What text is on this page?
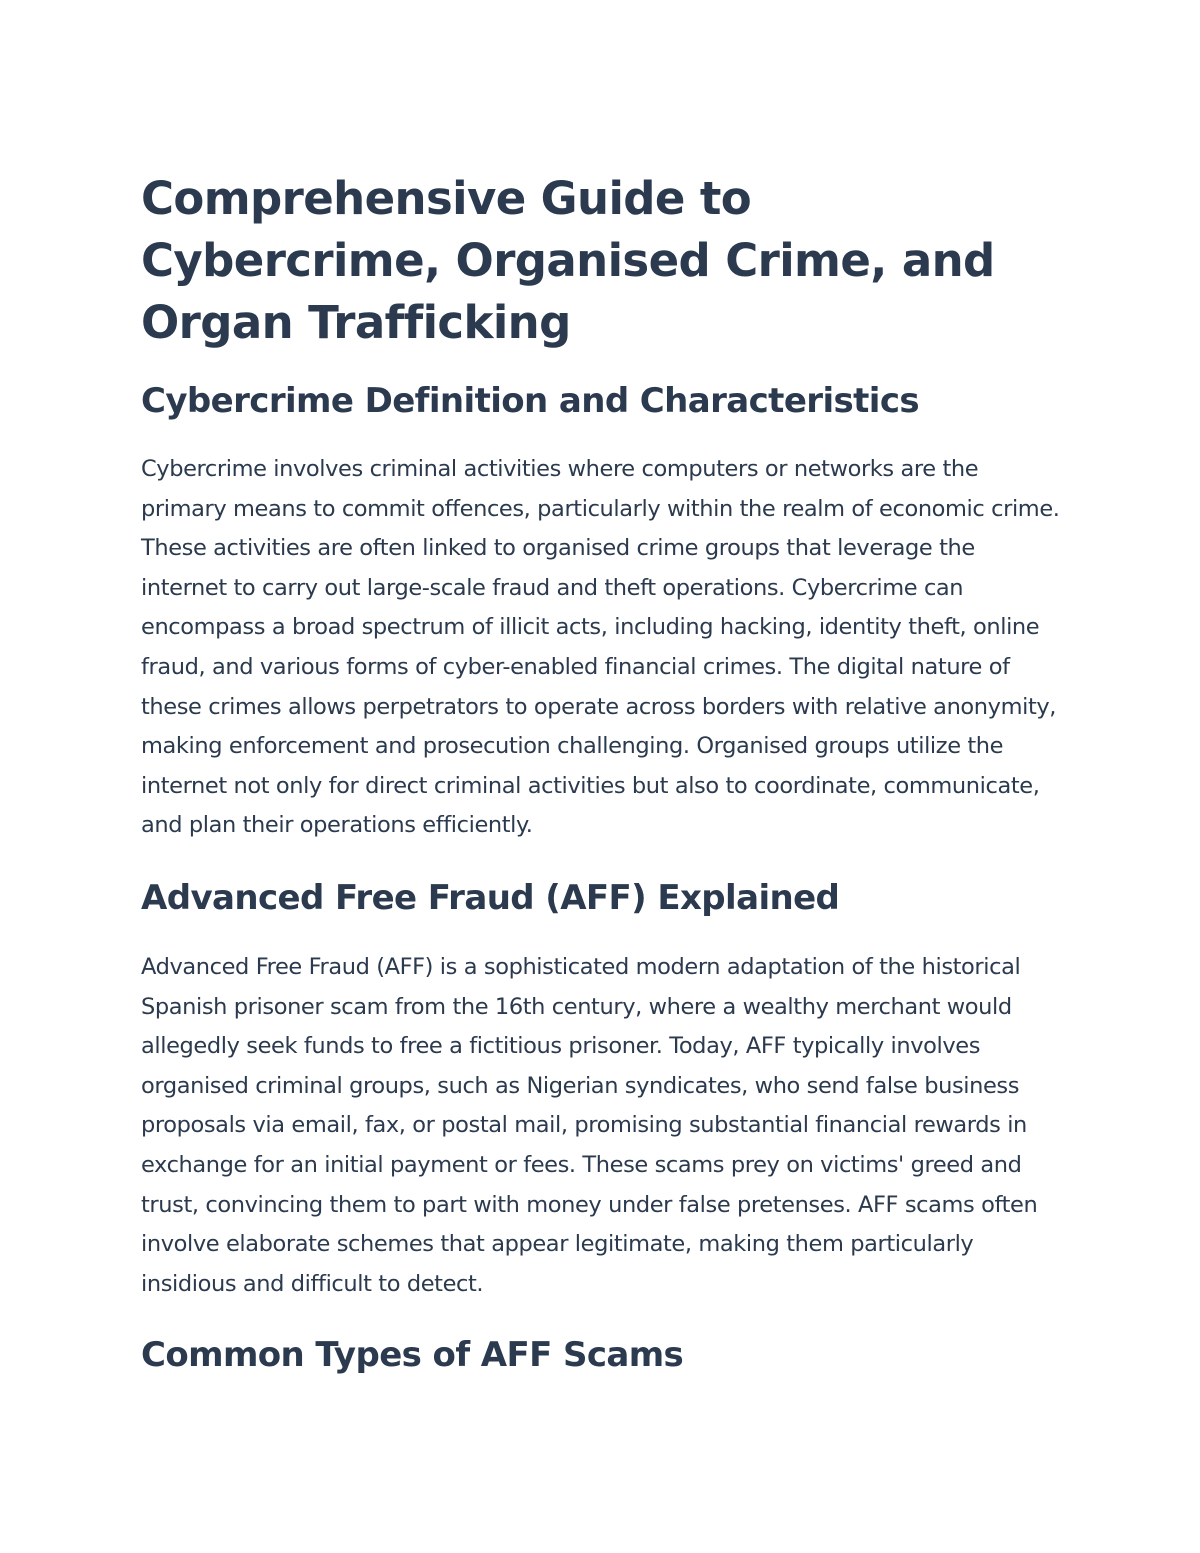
Comprehensive Guide to Cybercrime, Organised Crime, and Organ Trafficking
Cybercrime Definition and Characteristics

Cybercrime involves criminal activities where computers or networks are the primary means to commit offences, particularly within the realm of economic crime. These activities are often linked to organised crime groups that leverage the internet to carry out large-scale fraud and theft operations. Cybercrime can encompass a broad spectrum of illicit acts, including hacking, identity theft, online fraud, and various forms of cyber-enabled financial crimes. The digital nature of these crimes allows perpetrators to operate across borders with relative anonymity, making enforcement and prosecution challenging. Organised groups utilize the internet not only for direct criminal activities but also to coordinate, communicate, and plan their operations efficiently.

Advanced Free Fraud (AFF) Explained

Advanced Free Fraud (AFF) is a sophisticated modern adaptation of the historical Spanish prisoner scam from the 16th century, where a wealthy merchant would allegedly seek funds to free a fictitious prisoner. Today, AFF typically involves organised criminal groups, such as Nigerian syndicates, who send false business proposals via email, fax, or postal mail, promising substantial financial rewards in exchange for an initial payment or fees. These scams prey on victims' greed and trust, convincing them to part with money under false pretenses. AFF scams often involve elaborate schemes that appear legitimate, making them particularly insidious and difficult to detect.

Common Types of AFF Scams
